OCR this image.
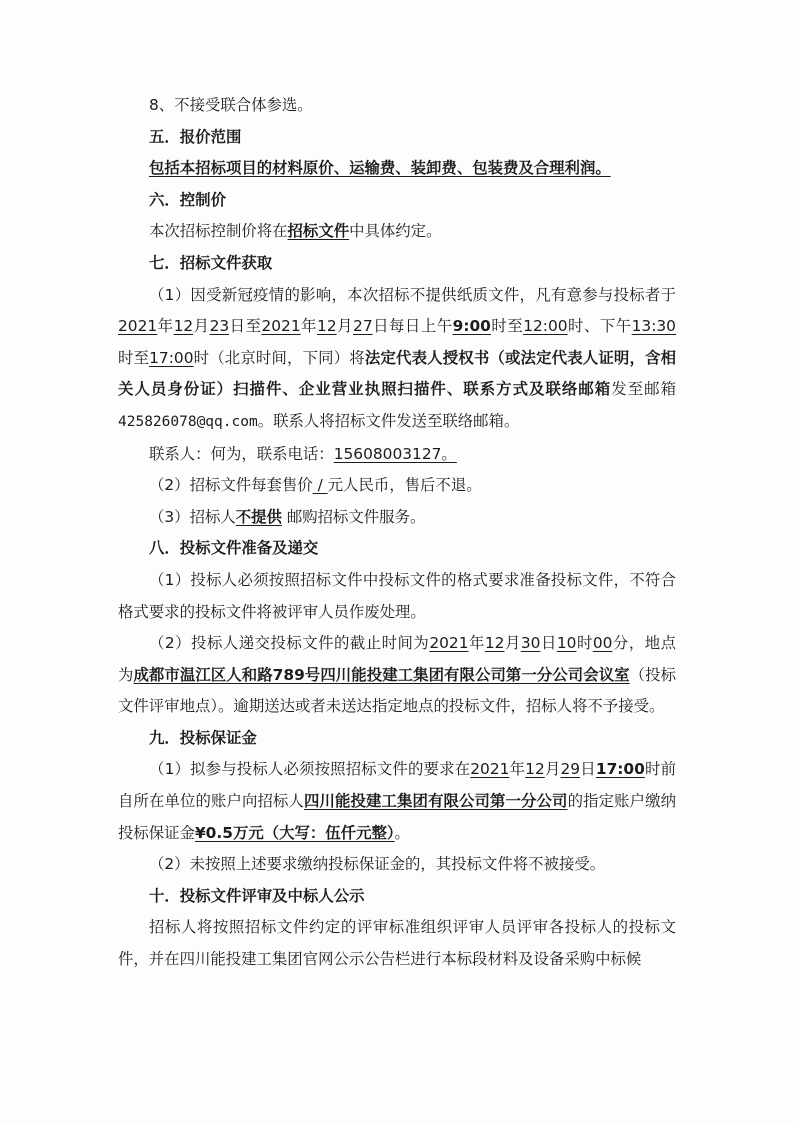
8、不接受联合体参选。

五．报价范围

包括本招标项目的材料原价、运输费、装卸费、包装费及合理利润。

六．控制价

本次招标控制价将在招标文件中具体约定。

七．招标文件获取

（1）因受新冠疫情的影响，本次招标不提供纸质文件，凡有意参与投标者于2021年12月23日至2021年12月27日每日上午9:00时至12:00时、下午13:30时至17:00时（北京时间，下同）将法定代表人授权书（或法定代表人证明，含相关人员身份证）扫描件、企业营业执照扫描件、联系方式及联络邮箱发至邮箱425826078@qq.com。联系人将招标文件发送至联络邮箱。

联系人：何为，联系电话：15608003127。

（2）招标文件每套售价 / 元人民币，售后不退。

（3）招标人不提供 邮购招标文件服务。

八．投标文件准备及递交

（1）投标人必须按照招标文件中投标文件的格式要求准备投标文件，不符合格式要求的投标文件将被评审人员作废处理。

（2）投标人递交投标文件的截止时间为2021年12月30日10时00分，地点为成都市温江区人和路789号四川能投建工集团有限公司第一分公司会议室（投标文件评审地点）。逾期送达或者未送达指定地点的投标文件，招标人将不予接受。

九．投标保证金

（1）拟参与投标人必须按照招标文件的要求在2021年12月29日17:00时前自所在单位的账户向招标人四川能投建工集团有限公司第一分公司的指定账户缴纳投标保证金¥0.5万元（大写：伍仟元整）。

（2）未按照上述要求缴纳投标保证金的，其投标文件将不被接受。

十．投标文件评审及中标人公示

招标人将按照招标文件约定的评审标准组织评审人员评审各投标人的投标文件，并在四川能投建工集团官网公示公告栏进行本标段材料及设备采购中标候
